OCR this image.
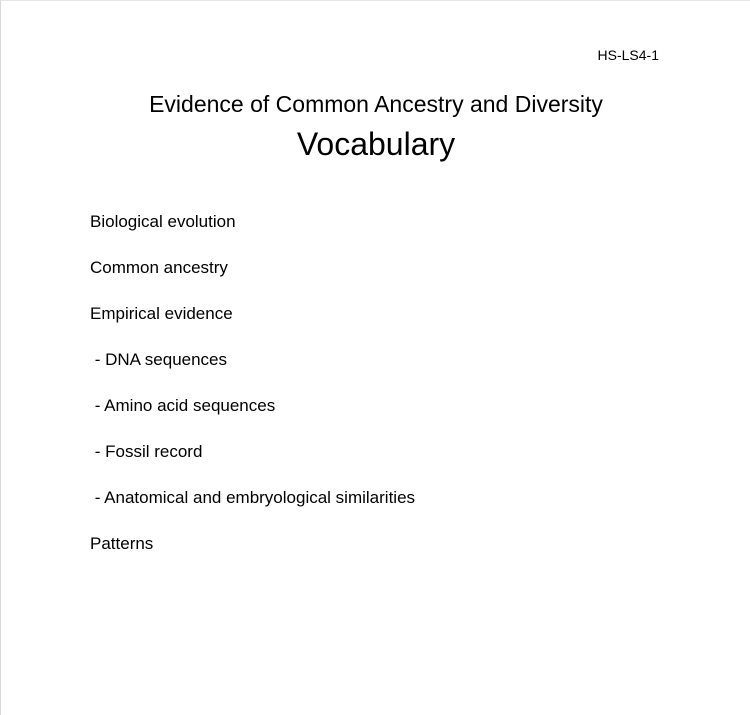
HS-LS4-1
Evidence of Common Ancestry and Diversity
Vocabulary
Biological evolution
Common ancestry
Empirical evidence
- DNA sequences
- Amino acid sequences
- Fossil record
- Anatomical and embryological similarities
Patterns
